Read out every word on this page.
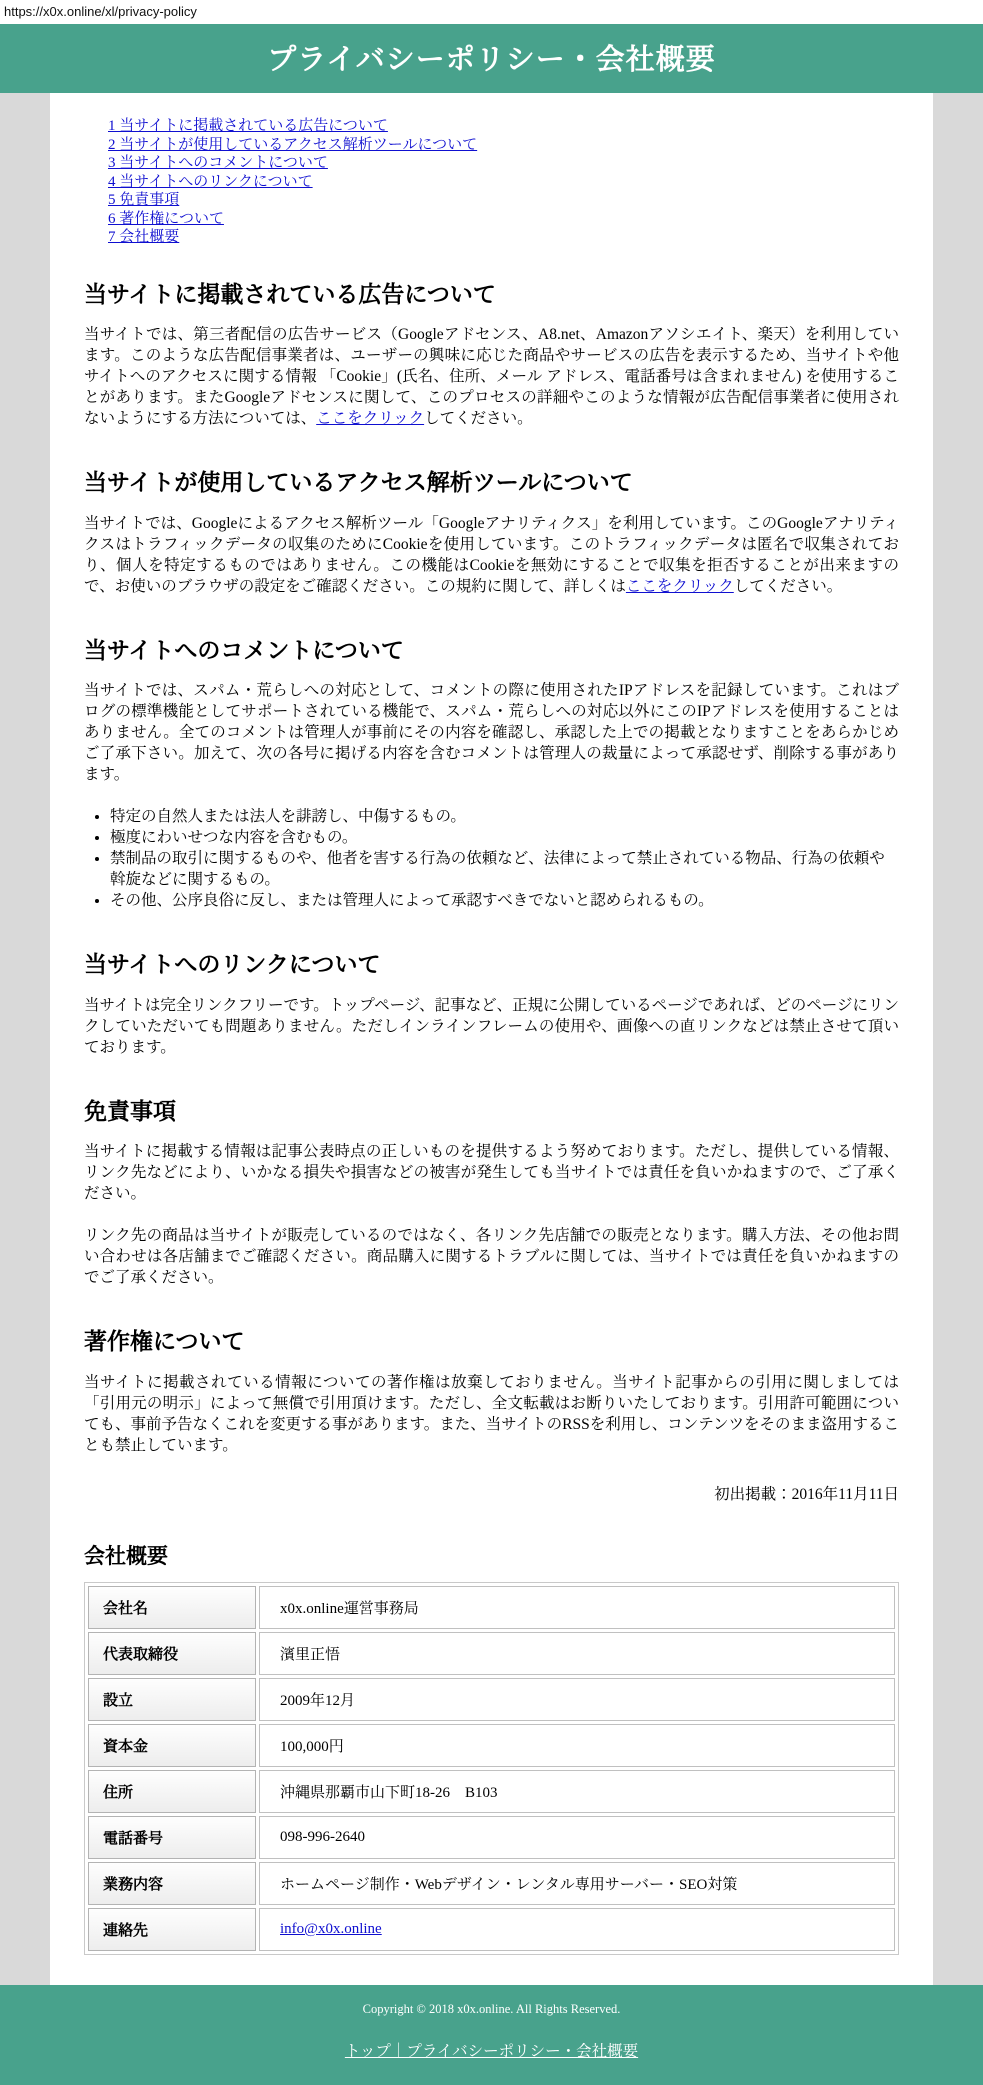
https://x0x.online/xl/privacy-policy
プライバシーポリシー・会社概要
1 当サイトに掲載されている広告について
2 当サイトが使用しているアクセス解析ツールについて
3 当サイトへのコメントについて
4 当サイトへのリンクについて
5 免責事項
6 著作権について
7 会社概要
当サイトに掲載されている広告について

当サイトでは、第三者配信の広告サービス（Googleアドセンス、A8.net、Amazonアソシエイト、楽天）を利用しています。このような広告配信事業者は、ユーザーの興味に応じた商品やサービスの広告を表示するため、当サイトや他サイトへのアクセスに関する情報 「Cookie」(氏名、住所、メール アドレス、電話番号は含まれません) を使用することがあります。またGoogleアドセンスに関して、このプロセスの詳細やこのような情報が広告配信事業者に使用されないようにする方法については、ここをクリックしてください。

当サイトが使用しているアクセス解析ツールについて

当サイトでは、Googleによるアクセス解析ツール「Googleアナリティクス」を利用しています。このGoogleアナリティクスはトラフィックデータの収集のためにCookieを使用しています。このトラフィックデータは匿名で収集されており、個人を特定するものではありません。この機能はCookieを無効にすることで収集を拒否することが出来ますので、お使いのブラウザの設定をご確認ください。この規約に関して、詳しくはここをクリックしてください。

当サイトへのコメントについて

当サイトでは、スパム・荒らしへの対応として、コメントの際に使用されたIPアドレスを記録しています。これはブログの標準機能としてサポートされている機能で、スパム・荒らしへの対応以外にこのIPアドレスを使用することはありません。全てのコメントは管理人が事前にその内容を確認し、承認した上での掲載となりますことをあらかじめご了承下さい。加えて、次の各号に掲げる内容を含むコメントは管理人の裁量によって承認せず、削除する事があります。

• 特定の自然人または法人を誹謗し、中傷するもの。
• 極度にわいせつな内容を含むもの。
• 禁制品の取引に関するものや、他者を害する行為の依頼など、法律によって禁止されている物品、行為の依頼や斡旋などに関するもの。
• その他、公序良俗に反し、または管理人によって承認すべきでないと認められるもの。
当サイトへのリンクについて

当サイトは完全リンクフリーです。トップページ、記事など、正規に公開しているページであれば、どのページにリンクしていただいても問題ありません。ただしインラインフレームの使用や、画像への直リンクなどは禁止させて頂いております。

免責事項

当サイトに掲載する情報は記事公表時点の正しいものを提供するよう努めております。ただし、提供している情報、リンク先などにより、いかなる損失や損害などの被害が発生しても当サイトでは責任を負いかねますので、ご了承ください。

リンク先の商品は当サイトが販売しているのではなく、各リンク先店舗での販売となります。購入方法、その他お問い合わせは各店舗までご確認ください。商品購入に関するトラブルに関しては、当サイトでは責任を負いかねますのでご了承ください。

著作権について

当サイトに掲載されている情報についての著作権は放棄しておりません。当サイト記事からの引用に関しましては「引用元の明示」によって無償で引用頂けます。ただし、全文転載はお断りいたしております。引用許可範囲についても、事前予告なくこれを変更する事があります。また、当サイトのRSSを利用し、コンテンツをそのまま盗用することも禁止しています。

初出掲載：2016年11月11日

会社概要
会社名	x0x.online運営事務局
代表取締役	濱里正悟
設立	2009年12月
資本金	100,000円
住所	沖縄県那覇市山下町18-26　B103
電話番号	098-996-2640
業務内容	ホームページ制作・Webデザイン・レンタル専用サーバー・SEO対策
連絡先	info@x0x.online

Copyright © 2018 x0x.online. All Rights Reserved.

トップ｜プライバシーポリシー・会社概要
